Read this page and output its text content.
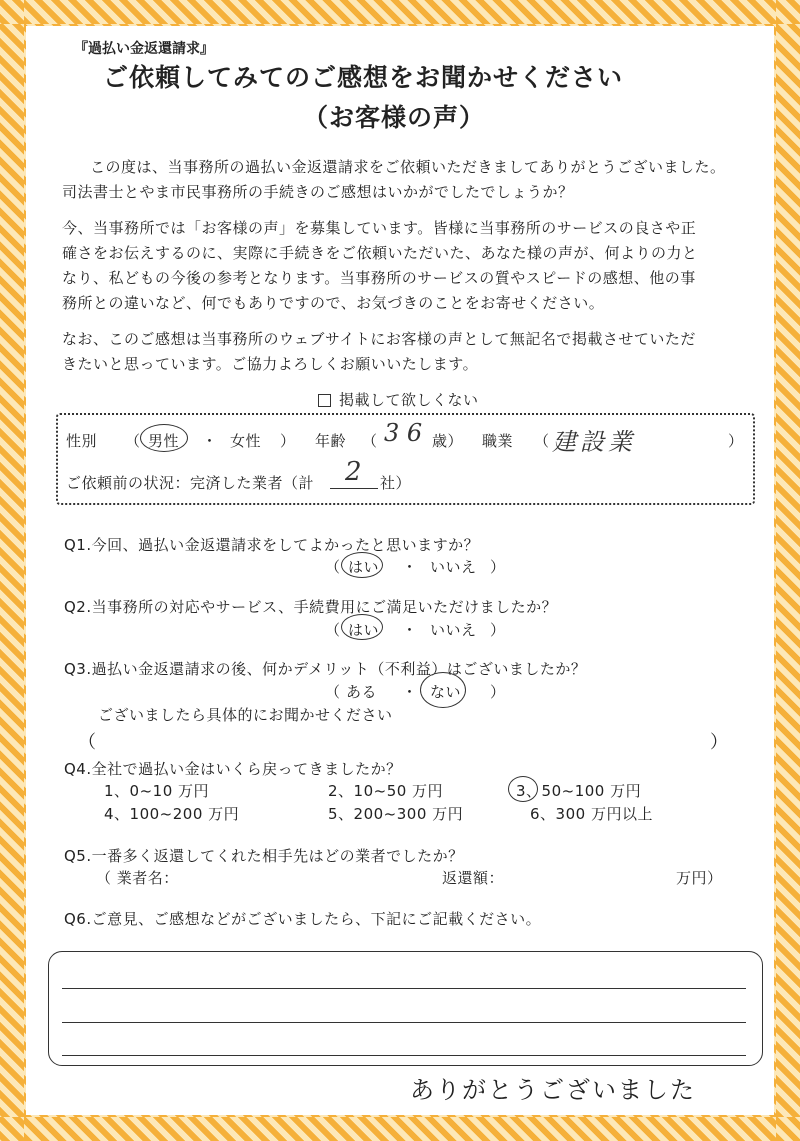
『過払い金返還請求』
ご依頼してみてのご感想をお聞かせください
（お客様の声）
この度は、当事務所の過払い金返還請求をご依頼いただきましてありがとうございました。
司法書士とやま市民事務所の手続きのご感想はいかがでしたでしょうか？
今、当事務所では「お客様の声」を募集しています。皆様に当事務所のサービスの良さや正
確さをお伝えするのに、実際に手続きをご依頼いただいた、あなた様の声が、何よりの力と
なり、私どもの今後の参考となります。当事務所のサービスの質やスピードの感想、他の事
務所との違いなど、何でもありですので、お気づきのことをお寄せください。
なお、このご感想は当事務所のウェブサイトにお客様の声として無記名で掲載させていただ
きたいと思っています。ご協力よろしくお願いいたします。
掲載して欲しくない
性別 （ 男性 ・ 女性 ） 年齢 （ 3 6 歳） 職業 （ 建設業	）
ご依頼前の状況：完済した業者（計 2 社）
Q1.今回、過払い金返還請求をしてよかったと思いますか？
（ はい ・ いいえ ）
Q2.当事務所の対応やサービス、手続費用にご満足いただけましたか？
（ はい ・ いいえ ）
Q3.過払い金返還請求の後、何かデメリット（不利益）はございましたか？
（ ある ・ ない ）
ございましたら具体的にお聞かせください
（	）
Q4.全社で過払い金はいくら戻ってきましたか？
1、0~10 万円	2、10~50 万円	3、50~100 万円
4、100~200 万円	5、200~300 万円	6、300 万円以上
Q5.一番多く返還してくれた相手先はどの業者でしたか？
（ 業者名：	返還額：	万円）
Q6.ご意見、ご感想などがございましたら、下記にご記載ください。
ありがとうございました
